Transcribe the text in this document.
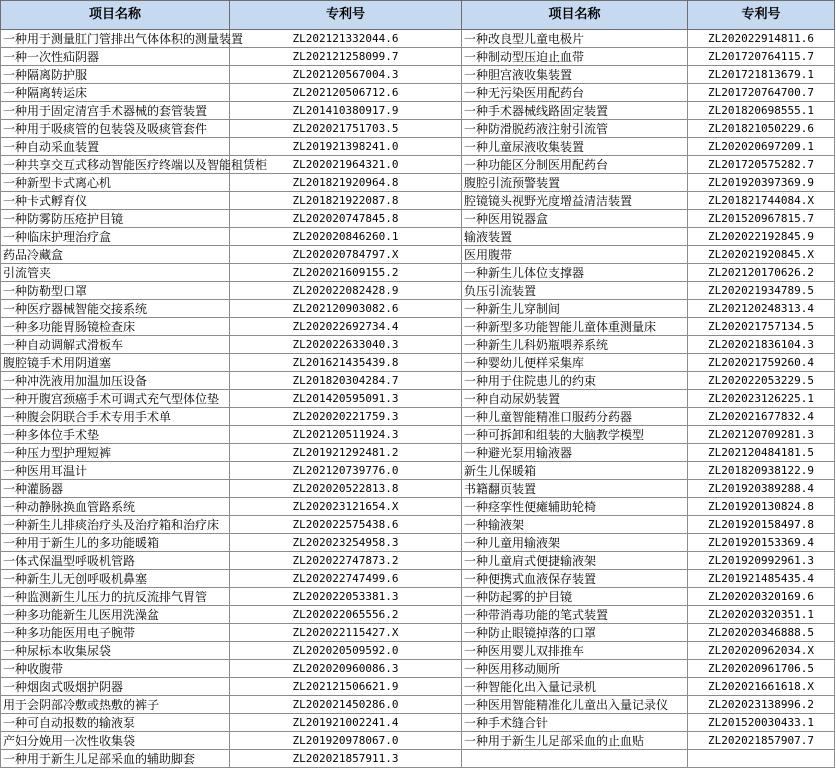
项目名称	专利号	项目名称	专利号
一种用于测量肛门管排出气体体积的测量装置	ZL202121332044.6	一种改良型儿童电极片	ZL202022914811.6
一种一次性疝阴器	ZL202121258099.7	一种制动型压迫止血带	ZL201720764115.7
一种隔离防护服	ZL202120567004.3	一种胆宫液收集装置	ZL201721813679.1
一种隔离转运床	ZL202120506712.6	一种无污染医用配药台	ZL201720764700.7
一种用于固定清宫手术器械的套管装置	ZL201410380917.9	一种手术器械线路固定装置	ZL201820698555.1
一种用于吸痰管的包装袋及吸痰管套件	ZL202021751703.5	一种防滑脱药液注射引流管	ZL201821050229.6
一种自动采血装置	ZL201921398241.0	一种儿童尿液收集装置	ZL202020697209.1
一种共享交互式移动智能医疗终端以及智能租赁柜	ZL202021964321.0	一种功能区分制医用配药台	ZL201720575282.7
一种新型卡式离心机	ZL201821920964.8	腹腔引流预警装置	ZL201920397369.9
一种卡式孵育仪	ZL201821922087.8	腔镜镜头视野光度增益清洁装置	ZL201821744084.X
一种防雾防压疮护目镜	ZL202020747845.8	一种医用锐器盒	ZL201520967815.7
一种临床护理治疗盒	ZL202020846260.1	输液装置	ZL202022192845.9
药品冷藏盒	ZL202020784797.X	医用腹带	ZL202021920845.X
引流管夹	ZL202021609155.2	一种新生儿体位支撑器	ZL202120170626.2
一种防勒型口罩	ZL202022082428.9	负压引流装置	ZL202021934789.5
一种医疗器械智能交接系统	ZL202120903082.6	一种新生儿穿制间	ZL202120248313.4
一种多功能胃肠镜检查床	ZL202022692734.4	一种新型多功能智能儿童体重测量床	ZL202021757134.5
一种自动调解式滑板车	ZL202022633040.3	一种新生儿科奶瓶喂养系统	ZL202021836104.3
腹腔镜手术用阴道塞	ZL201621435439.8	一种婴幼儿便样采集库	ZL202021759260.4
一种冲洗液用加温加压设备	ZL201820304284.7	一种用于住院患儿的约束	ZL202022053229.5
一种开腹宫颈癌手术可调式充气型体位垫	ZL201420595091.3	一种自动尿奶装置	ZL202023126225.1
一种腹会阴联合手术专用手术单	ZL202020221759.3	一种儿童智能精准口服药分药器	ZL202021677832.4
一种多体位手术垫	ZL202120511924.3	一种可拆卸和组装的大脑教学模型	ZL202120709281.3
一种压力型护理短裤	ZL201921292481.2	一种避光泵用输液器	ZL202120484181.5
一种医用耳温计	ZL202120739776.0	新生儿保暖箱	ZL201820938122.9
一种灌肠器	ZL202020522813.8	书籍翻页装置	ZL201920389288.4
一种动静脉换血管路系统	ZL202023121654.X	一种痉挛性便瘫辅助轮椅	ZL201920130824.8
一种新生儿排痰治疗头及治疗箱和治疗床	ZL202022575438.6	一种输液架	ZL201920158497.8
一种用于新生儿的多功能暖箱	ZL202023254958.3	一种儿童用输液架	ZL201920153369.4
一体式保温型呼吸机管路	ZL202022747873.2	一种儿童肩式便捷输液架	ZL201920992961.3
一种新生儿无创呼吸机鼻塞	ZL202022747499.6	一种便携式血液保存装置	ZL201921485435.4
一种监测新生儿压力的抗反流排气胃管	ZL202022053381.3	一种防起雾的护目镜	ZL202020320169.6
一种多功能新生儿医用洗澡盆	ZL202022065556.2	一种带消毒功能的笔式装置	ZL202020320351.1
一种多功能医用电子腕带	ZL202022115427.X	一种防止眼镜掉落的口罩	ZL202020346888.5
一种尿标本收集尿袋	ZL202020509592.0	一种医用婴儿双排推车	ZL202020962034.X
一种收腹带	ZL202020960086.3	一种医用移动厕所	ZL202020961706.5
一种烟囱式吸烟护阴器	ZL202121506621.9	一种智能化出入量记录机	ZL202021661618.X
用于会阴部冷敷或热敷的裤子	ZL202021450286.0	一种医用智能精准化儿童出入量记录仪	ZL202023138996.2
一种可自动报数的输液泵	ZL201921002241.4	一种手术缝合针	ZL201520030433.1
产妇分娩用一次性收集袋	ZL201920978067.0	一种用于新生儿足部采血的止血贴	ZL202021857907.7
一种用于新生儿足部采血的辅助脚套	ZL202021857911.3		
